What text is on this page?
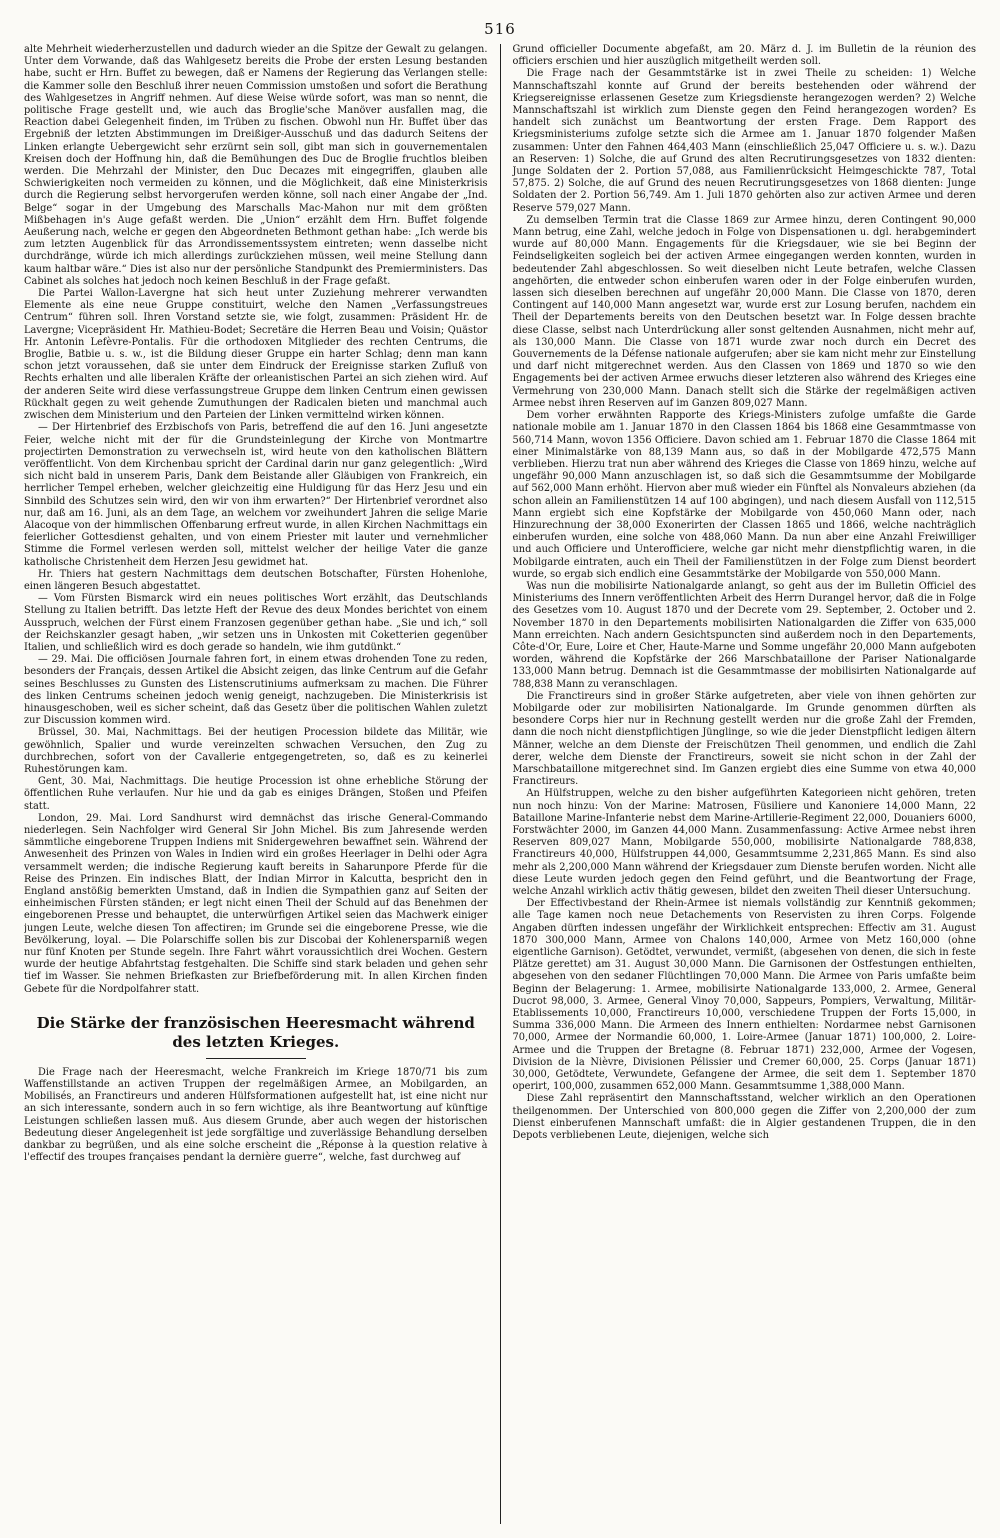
516

alte Mehrheit wiederherzustellen und dadurch wieder an die Spitze der Gewalt zu gelangen. Unter dem Vorwande, daß das Wahlgesetz bereits die Probe der ersten Lesung bestanden habe, sucht er Hrn. Buffet zu bewegen, daß er Namens der Regierung das Verlangen stelle: die Kammer solle den Beschluß ihrer neuen Commission umstoßen und sofort die Berathung des Wahlgesetzes in Angriff nehmen. Auf diese Weise würde sofort, was man so nennt, die politische Frage gestellt und, wie auch das Broglie'sche Manöver ausfallen mag, die Reaction dabei Gelegenheit finden, im Trüben zu fischen. Obwohl nun Hr. Buffet über das Ergebniß der letzten Abstimmungen im Dreißiger-Ausschuß und das dadurch Seitens der Linken erlangte Uebergewicht sehr erzürnt sein soll, gibt man sich in gouvernementalen Kreisen doch der Hoffnung hin, daß die Bemühungen des Duc de Broglie fruchtlos bleiben werden. Die Mehrzahl der Minister, den Duc Decazes mit eingegriffen, glauben alle Schwierigkeiten noch vermeiden zu können, und die Möglichkeit, daß eine Ministerkrisis durch die Regierung selbst hervorgerufen werden könne, soll nach einer Angabe der „Ind. Belge“ sogar in der Umgebung des Marschalls Mac-Mahon nur mit dem größten Mißbehagen in's Auge gefaßt werden. Die „Union“ erzählt dem Hrn. Buffet folgende Aeußerung nach, welche er gegen den Abgeordneten Bethmont gethan habe: „Ich werde bis zum letzten Augenblick für das Arrondissementssystem eintreten; wenn dasselbe nicht durchdränge, würde ich mich allerdings zurückziehen müssen, weil meine Stellung dann kaum haltbar wäre.“ Dies ist also nur der persönliche Standpunkt des Premierministers. Das Cabinet als solches hat jedoch noch keinen Beschluß in der Frage gefaßt.

Die Partei Wallon-Lavergne hat sich heut unter Zuziehung mehrerer verwandten Elemente als eine neue Gruppe constituirt, welche den Namen „Verfassungstreues Centrum“ führen soll. Ihren Vorstand setzte sie, wie folgt, zusammen: Präsident Hr. de Lavergne; Vicepräsident Hr. Mathieu-Bodet; Secretäre die Herren Beau und Voisin; Quästor Hr. Antonin Lefèvre-Pontalis. Für die orthodoxen Mitglieder des rechten Centrums, die Broglie, Batbie u. s. w., ist die Bildung dieser Gruppe ein harter Schlag; denn man kann schon jetzt voraussehen, daß sie unter dem Eindruck der Ereignisse starken Zufluß von Rechts erhalten und alle liberalen Kräfte der orleanistischen Partei an sich ziehen wird. Auf der anderen Seite wird diese verfassungstreue Gruppe dem linken Centrum einen gewissen Rückhalt gegen zu weit gehende Zumuthungen der Radicalen bieten und manchmal auch zwischen dem Ministerium und den Parteien der Linken vermittelnd wirken können.

— Der Hirtenbrief des Erzbischofs von Paris, betreffend die auf den 16. Juni angesetzte Feier, welche nicht mit der für die Grundsteinlegung der Kirche von Montmartre projectirten Demonstration zu verwechseln ist, wird heute von den katholischen Blättern veröffentlicht. Von dem Kirchenbau spricht der Cardinal darin nur ganz gelegentlich: „Wird sich nicht bald in unserem Paris, Dank dem Beistande aller Gläubigen von Frankreich, ein herrlicher Tempel erheben, welcher gleichzeitig eine Huldigung für das Herz Jesu und ein Sinnbild des Schutzes sein wird, den wir von ihm erwarten?“ Der Hirtenbrief verordnet also nur, daß am 16. Juni, als an dem Tage, an welchem vor zweihundert Jahren die selige Marie Alacoque von der himmlischen Offenbarung erfreut wurde, in allen Kirchen Nachmittags ein feierlicher Gottesdienst gehalten, und von einem Priester mit lauter und vernehmlicher Stimme die Formel verlesen werden soll, mittelst welcher der heilige Vater die ganze katholische Christenheit dem Herzen Jesu gewidmet hat.

Hr. Thiers hat gestern Nachmittags dem deutschen Botschafter, Fürsten Hohenlohe, einen längeren Besuch abgestattet.

— Vom Fürsten Bismarck wird ein neues politisches Wort erzählt, das Deutschlands Stellung zu Italien betrifft. Das letzte Heft der Revue des deux Mondes berichtet von einem Ausspruch, welchen der Fürst einem Franzosen gegenüber gethan habe. „Sie und ich,“ soll der Reichskanzler gesagt haben, „wir setzen uns in Unkosten mit Coketterien gegenüber Italien, und schließlich wird es doch gerade so handeln, wie ihm gutdünkt.“

— 29. Mai. Die officiösen Journale fahren fort, in einem etwas drohenden Tone zu reden, besonders der Français, dessen Artikel die Absicht zeigen, das linke Centrum auf die Gefahr seines Beschlusses zu Gunsten des Listenscrutiniums aufmerksam zu machen. Die Führer des linken Centrums scheinen jedoch wenig geneigt, nachzugeben. Die Ministerkrisis ist hinausgeschoben, weil es sicher scheint, daß das Gesetz über die politischen Wahlen zuletzt zur Discussion kommen wird.

Brüssel, 30. Mai, Nachmittags. Bei der heutigen Procession bildete das Militär, wie gewöhnlich, Spalier und wurde vereinzelten schwachen Versuchen, den Zug zu durchbrechen, sofort von der Cavallerie entgegengetreten, so, daß es zu keinerlei Ruhestörungen kam.

Gent, 30. Mai, Nachmittags. Die heutige Procession ist ohne erhebliche Störung der öffentlichen Ruhe verlaufen. Nur hie und da gab es einiges Drängen, Stoßen und Pfeifen statt.

London, 29. Mai. Lord Sandhurst wird demnächst das irische General-Commando niederlegen. Sein Nachfolger wird General Sir John Michel. Bis zum Jahresende werden sämmtliche eingeborene Truppen Indiens mit Snidergewehren bewaffnet sein. Während der Anwesenheit des Prinzen von Wales in Indien wird ein großes Heerlager in Delhi oder Agra versammelt werden; die indische Regierung kauft bereits in Saharunpore Pferde für die Reise des Prinzen. Ein indisches Blatt, der Indian Mirror in Kalcutta, bespricht den in England anstößig bemerkten Umstand, daß in Indien die Sympathien ganz auf Seiten der einheimischen Fürsten ständen; er legt nicht einen Theil der Schuld auf das Benehmen der eingeborenen Presse und behauptet, die unterwürfigen Artikel seien das Machwerk einiger jungen Leute, welche diesen Ton affectiren; im Grunde sei die eingeborene Presse, wie die Bevölkerung, loyal. — Die Polarschiffe sollen bis zur Discobai der Kohlenersparniß wegen nur fünf Knoten per Stunde segeln. Ihre Fahrt währt voraussichtlich drei Wochen. Gestern wurde der heutige Abfahrtstag festgehalten. Die Schiffe sind stark beladen und gehen sehr tief im Wasser. Sie nehmen Briefkasten zur Briefbeförderung mit. In allen Kirchen finden Gebete für die Nordpolfahrer statt.

Die Stärke der französischen Heeresmacht während des letzten Krieges.

Die Frage nach der Heeresmacht, welche Frankreich im Kriege 1870/71 bis zum Waffenstillstande an activen Truppen der regelmäßigen Armee, an Mobilgarden, an Mobilisés, an Franctireurs und anderen Hülfsformationen aufgestellt hat, ist eine nicht nur an sich interessante, sondern auch in so fern wichtige, als ihre Beantwortung auf künftige Leistungen schließen lassen muß. Aus diesem Grunde, aber auch wegen der historischen Bedeutung dieser Angelegenheit ist jede sorgfältige und zuverlässige Behandlung derselben dankbar zu begrüßen, und als eine solche erscheint die „Réponse à la question relative à l'effectif des troupes françaises pendant la dernière guerre“, welche, fast durchweg auf

Grund officieller Documente abgefaßt, am 20. März d. J. im Bulletin de la réunion des officiers erschien und hier auszüglich mitgetheilt werden soll.

Die Frage nach der Gesammtstärke ist in zwei Theile zu scheiden: 1) Welche Mannschaftszahl konnte auf Grund der bereits bestehenden oder während der Kriegsereignisse erlassenen Gesetze zum Kriegsdienste herangezogen werden? 2) Welche Mannschaftszahl ist wirklich zum Dienste gegen den Feind herangezogen worden? Es handelt sich zunächst um Beantwortung der ersten Frage. Dem Rapport des Kriegsministeriums zufolge setzte sich die Armee am 1. Januar 1870 folgender Maßen zusammen: Unter den Fahnen 464,403 Mann (einschließlich 25,047 Officiere u. s. w.). Dazu an Reserven: 1) Solche, die auf Grund des alten Recrutirungsgesetzes von 1832 dienten: Junge Soldaten der 2. Portion 57,088, aus Familienrücksicht Heimgeschickte 787, Total 57,875. 2) Solche, die auf Grund des neuen Recrutirungsgesetzes von 1868 dienten: Junge Soldaten der 2. Portion 56,749. Am 1. Juli 1870 gehörten also zur activen Armee und deren Reserve 579,027 Mann.

Zu demselben Termin trat die Classe 1869 zur Armee hinzu, deren Contingent 90,000 Mann betrug, eine Zahl, welche jedoch in Folge von Dispensationen u. dgl. herabgemindert wurde auf 80,000 Mann. Engagements für die Kriegsdauer, wie sie bei Beginn der Feindseligkeiten sogleich bei der activen Armee eingegangen werden konnten, wurden in bedeutender Zahl abgeschlossen. So weit dieselben nicht Leute betrafen, welche Classen angehörten, die entweder schon einberufen waren oder in der Folge einberufen wurden, lassen sich dieselben berechnen auf ungefähr 20,000 Mann. Die Classe von 1870, deren Contingent auf 140,000 Mann angesetzt war, wurde erst zur Losung berufen, nachdem ein Theil der Departements bereits von den Deutschen besetzt war. In Folge dessen brachte diese Classe, selbst nach Unterdrückung aller sonst geltenden Ausnahmen, nicht mehr auf, als 130,000 Mann. Die Classe von 1871 wurde zwar noch durch ein Decret des Gouvernements de la Défense nationale aufgerufen; aber sie kam nicht mehr zur Einstellung und darf nicht mitgerechnet werden. Aus den Classen von 1869 und 1870 so wie den Engagements bei der activen Armee erwuchs dieser letzteren also während des Krieges eine Vermehrung von 230,000 Mann. Danach stellt sich die Stärke der regelmäßigen activen Armee nebst ihren Reserven auf im Ganzen 809,027 Mann.

Dem vorher erwähnten Rapporte des Kriegs-Ministers zufolge umfaßte die Garde nationale mobile am 1. Januar 1870 in den Classen 1864 bis 1868 eine Gesammtmasse von 560,714 Mann, wovon 1356 Officiere. Davon schied am 1. Februar 1870 die Classe 1864 mit einer Minimalstärke von 88,139 Mann aus, so daß in der Mobilgarde 472,575 Mann verblieben. Hierzu trat nun aber während des Krieges die Classe von 1869 hinzu, welche auf ungefähr 90,000 Mann anzuschlagen ist, so daß sich die Gesammtsumme der Mobilgarde auf 562,000 Mann erhöht. Hiervon aber muß wieder ein Fünftel als Nonvaleurs abziehen (da schon allein an Familienstützen 14 auf 100 abgingen), und nach diesem Ausfall von 112,515 Mann ergiebt sich eine Kopfstärke der Mobilgarde von 450,060 Mann oder, nach Hinzurechnung der 38,000 Exonerirten der Classen 1865 und 1866, welche nachträglich einberufen wurden, eine solche von 488,060 Mann. Da nun aber eine Anzahl Freiwilliger und auch Officiere und Unterofficiere, welche gar nicht mehr dienstpflichtig waren, in die Mobilgarde eintraten, auch ein Theil der Familienstützen in der Folge zum Dienst beordert wurde, so ergab sich endlich eine Gesammtstärke der Mobilgarde von 550,000 Mann.

Was nun die mobilisirte Nationalgarde anlangt, so geht aus der im Bulletin Officiel des Ministeriums des Innern veröffentlichten Arbeit des Herrn Durangel hervor, daß die in Folge des Gesetzes vom 10. August 1870 und der Decrete vom 29. September, 2. October und 2. November 1870 in den Departements mobilisirten Nationalgarden die Ziffer von 635,000 Mann erreichten. Nach andern Gesichtspuncten sind außerdem noch in den Departements, Côte-d'Or, Eure, Loire et Cher, Haute-Marne und Somme ungefähr 20,000 Mann aufgeboten worden, während die Kopfstärke der 266 Marschbataillone der Pariser Nationalgarde 133,000 Mann betrug. Demnach ist die Gesammtmasse der mobilisirten Nationalgarde auf 788,838 Mann zu veranschlagen.

Die Franctireurs sind in großer Stärke aufgetreten, aber viele von ihnen gehörten zur Mobilgarde oder zur mobilisirten Nationalgarde. Im Grunde genommen dürften als besondere Corps hier nur in Rechnung gestellt werden nur die große Zahl der Fremden, dann die noch nicht dienstpflichtigen Jünglinge, so wie die jeder Dienstpflicht ledigen ältern Männer, welche an dem Dienste der Freischützen Theil genommen, und endlich die Zahl derer, welche dem Dienste der Franctireurs, soweit sie nicht schon in der Zahl der Marschbataillone mitgerechnet sind. Im Ganzen ergiebt dies eine Summe von etwa 40,000 Franctireurs.

An Hülfstruppen, welche zu den bisher aufgeführten Kategorieen nicht gehören, treten nun noch hinzu: Von der Marine: Matrosen, Füsiliere und Kanoniere 14,000 Mann, 22 Bataillone Marine-Infanterie nebst dem Marine-Artillerie-Regiment 22,000, Douaniers 6000, Forstwächter 2000, im Ganzen 44,000 Mann. Zusammenfassung: Active Armee nebst ihren Reserven 809,027 Mann, Mobilgarde 550,000, mobilisirte Nationalgarde 788,838, Franctireurs 40,000, Hülfstruppen 44,000, Gesammtsumme 2,231,865 Mann. Es sind also mehr als 2,200,000 Mann während der Kriegsdauer zum Dienste berufen worden. Nicht alle diese Leute wurden jedoch gegen den Feind geführt, und die Beantwortung der Frage, welche Anzahl wirklich activ thätig gewesen, bildet den zweiten Theil dieser Untersuchung.

Der Effectivbestand der Rhein-Armee ist niemals vollständig zur Kenntniß gekommen; alle Tage kamen noch neue Detachements von Reservisten zu ihren Corps. Folgende Angaben dürften indessen ungefähr der Wirklichkeit entsprechen: Effectiv am 31. August 1870 300,000 Mann, Armee von Chalons 140,000, Armee von Metz 160,000 (ohne eigentliche Garnison). Getödtet, verwundet, vermißt, (abgesehen von denen, die sich in feste Plätze gerettet) am 31. August 30,000 Mann. Die Garnisonen der Ostfestungen enthielten, abgesehen von den sedaner Flüchtlingen 70,000 Mann. Die Armee von Paris umfaßte beim Beginn der Belagerung: 1. Armee, mobilisirte Nationalgarde 133,000, 2. Armee, General Ducrot 98,000, 3. Armee, General Vinoy 70,000, Sappeurs, Pompiers, Verwaltung, Militär-Etablissements 10,000, Franctireurs 10,000, verschiedene Truppen der Forts 15,000, in Summa 336,000 Mann. Die Armeen des Innern enthielten: Nordarmee nebst Garnisonen 70,000, Armee der Normandie 60,000, 1. Loire-Armee (Januar 1871) 100,000, 2. Loire-Armee und die Truppen der Bretagne (8. Februar 1871) 232,000, Armee der Vogesen, Division de la Nièvre, Divisionen Pélissier und Cremer 60,000, 25. Corps (Januar 1871) 30,000, Getödtete, Verwundete, Gefangene der Armee, die seit dem 1. September 1870 operirt, 100,000, zusammen 652,000 Mann. Gesammtsumme 1,388,000 Mann.

Diese Zahl repräsentirt den Mannschaftsstand, welcher wirklich an den Operationen theilgenommen. Der Unterschied von 800,000 gegen die Ziffer von 2,200,000 der zum Dienst einberufenen Mannschaft umfaßt: die in Algier gestandenen Truppen, die in den Depots verbliebenen Leute, diejenigen, welche sich
